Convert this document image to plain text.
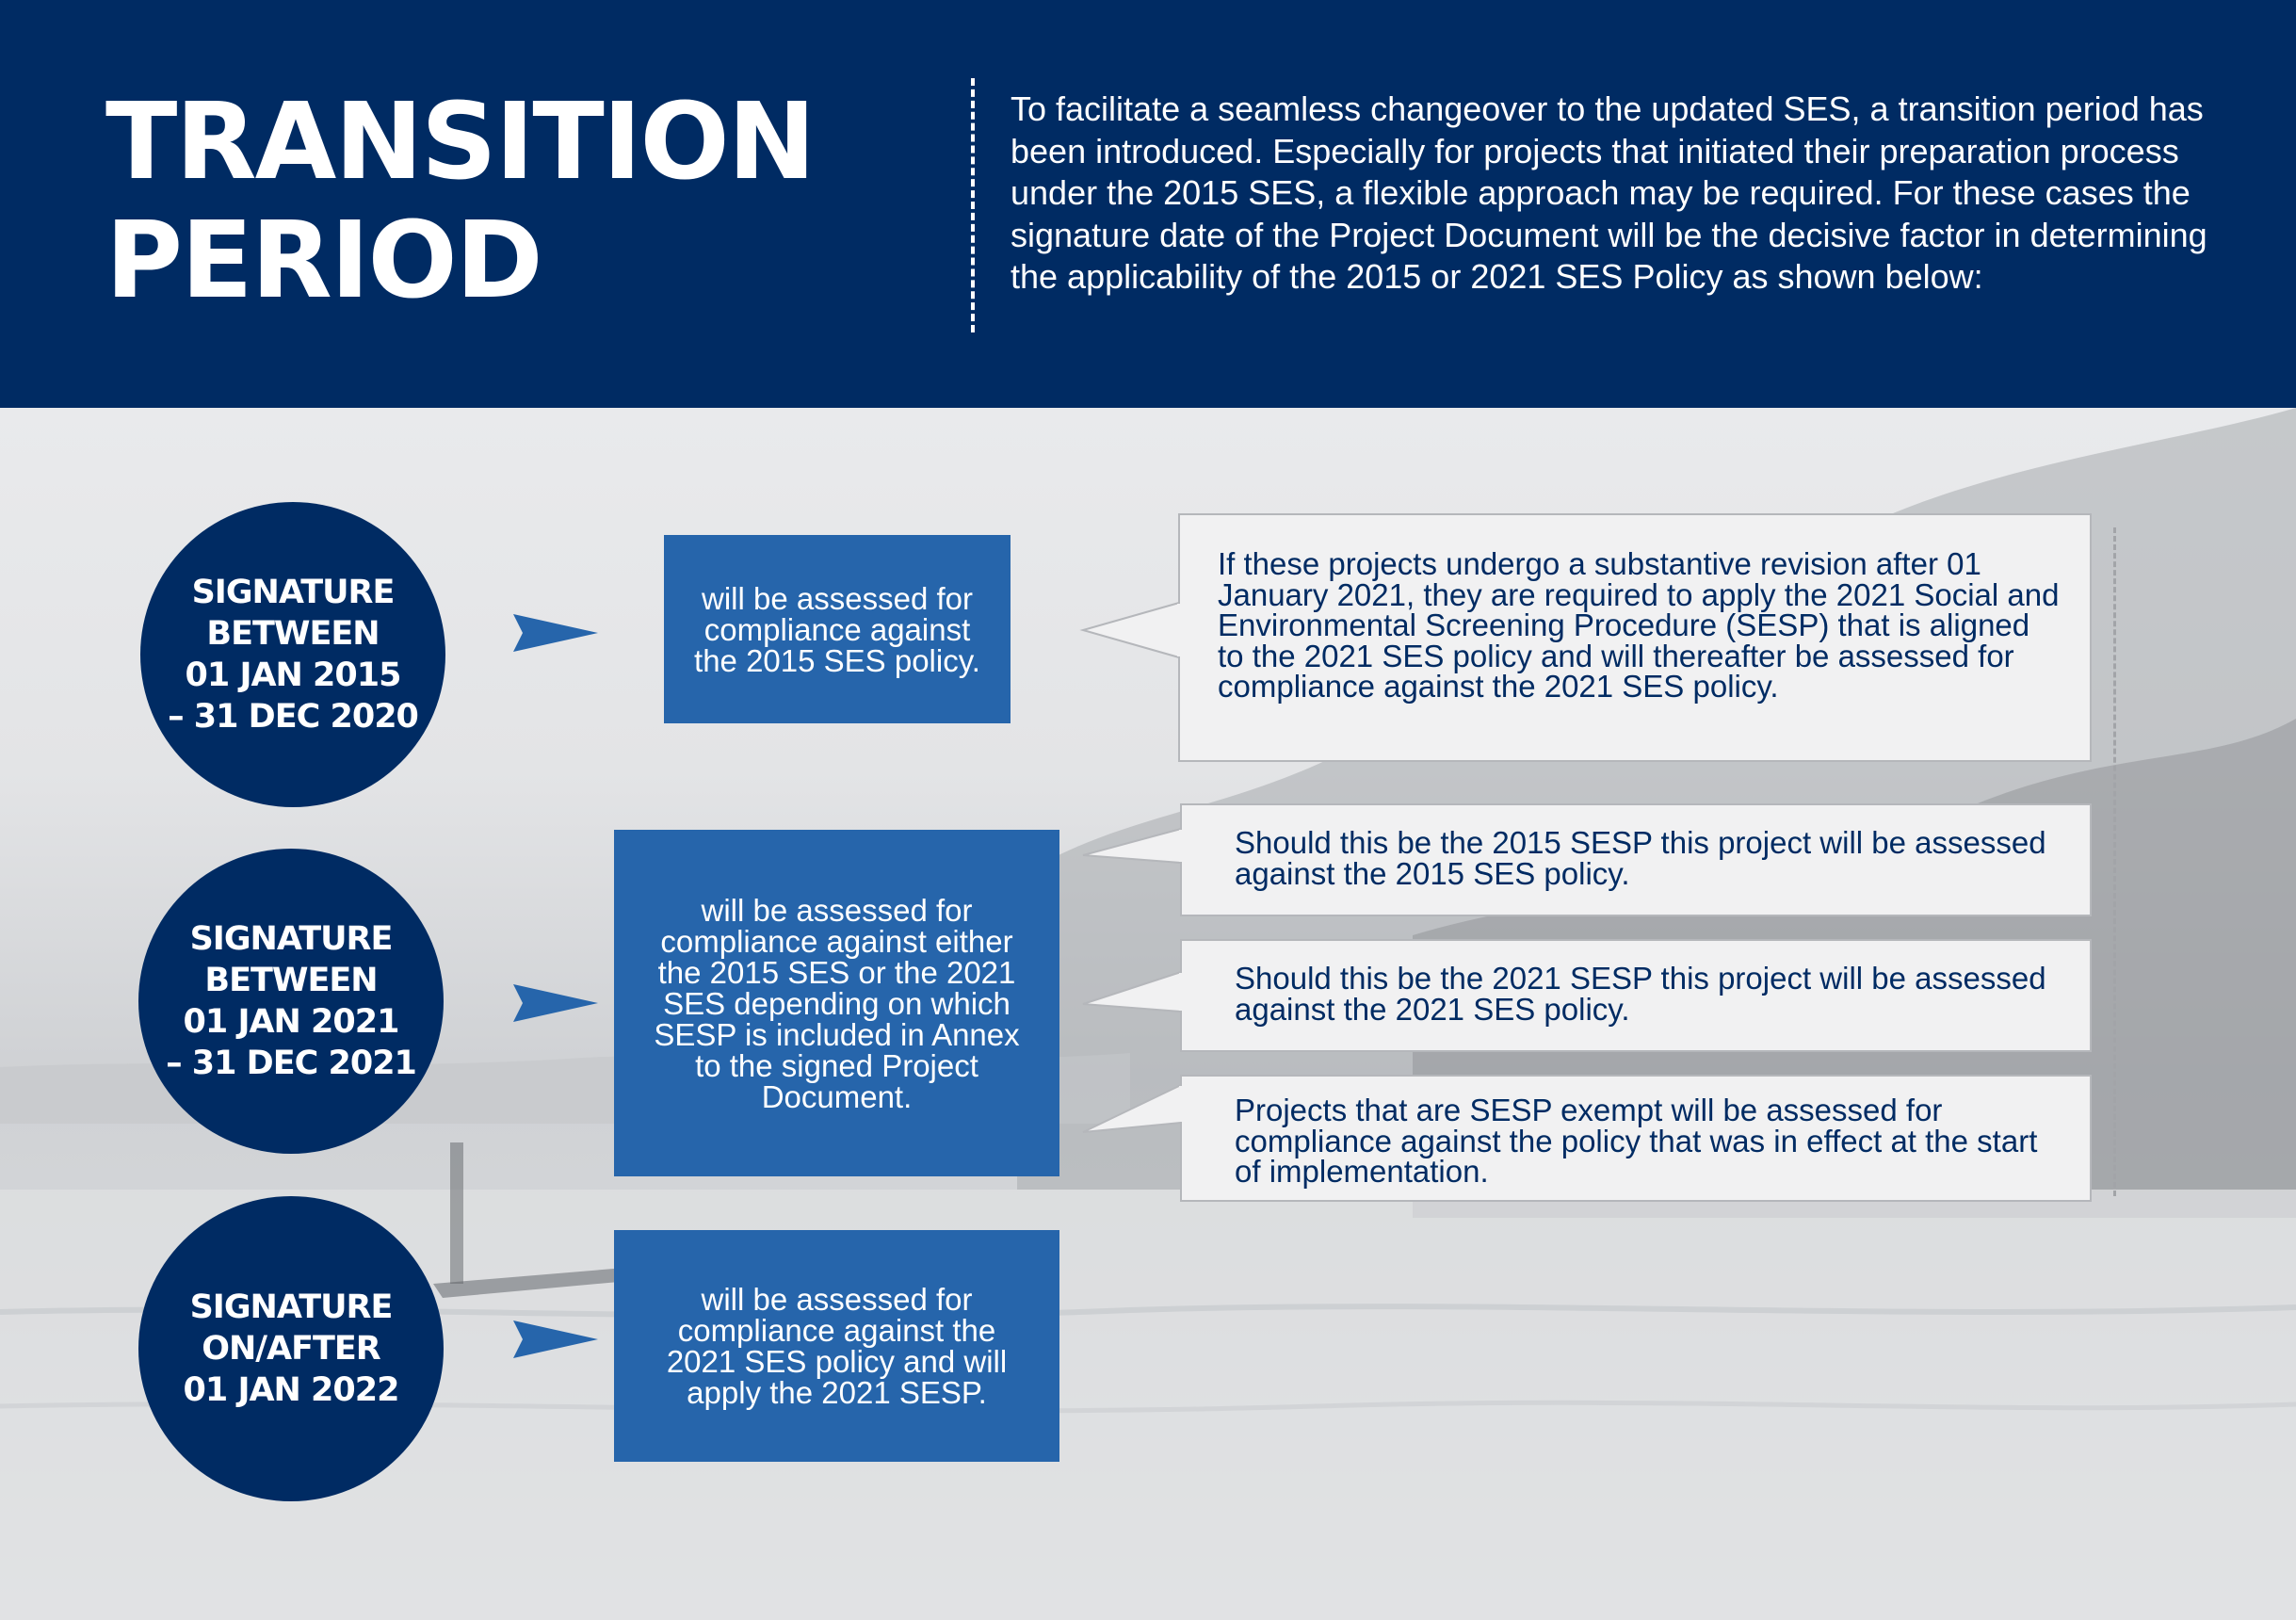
TRANSITION
PERIOD

To facilitate a seamless changeover to the updated SES, a transition period has been introduced. Especially for projects that initiated their preparation process under the 2015 SES, a flexible approach may be required. For these cases the signature date of the Project Document will be the decisive factor in determining the applicability of the 2015 or 2021 SES Policy as shown below:

SIGNATURE
BETWEEN
01 JAN 2015
– 31 DEC 2020
SIGNATURE
BETWEEN
01 JAN 2021
– 31 DEC 2021
SIGNATURE
ON/AFTER
01 JAN 2022
will be assessed for compliance against the 2015 SES policy.
will be assessed for compliance against either the 2015 SES or the 2021 SES depending on which SESP is included in Annex to the signed Project Document.
will be assessed for compliance against the 2021 SES policy and will apply the 2021 SESP.
If these projects undergo a substantive revision after 01 January 2021, they are required to apply the 2021 Social and Environmental Screening Procedure (SESP) that is aligned to the 2021 SES policy and will thereafter be assessed for compliance against the 2021 SES policy.
Should this be the 2015 SESP this project will be assessed against the 2015 SES policy.
Should this be the 2021 SESP this project will be assessed against the 2021 SES policy.
Projects that are SESP exempt will be assessed for compliance against the policy that was in effect at the start of implementation.
